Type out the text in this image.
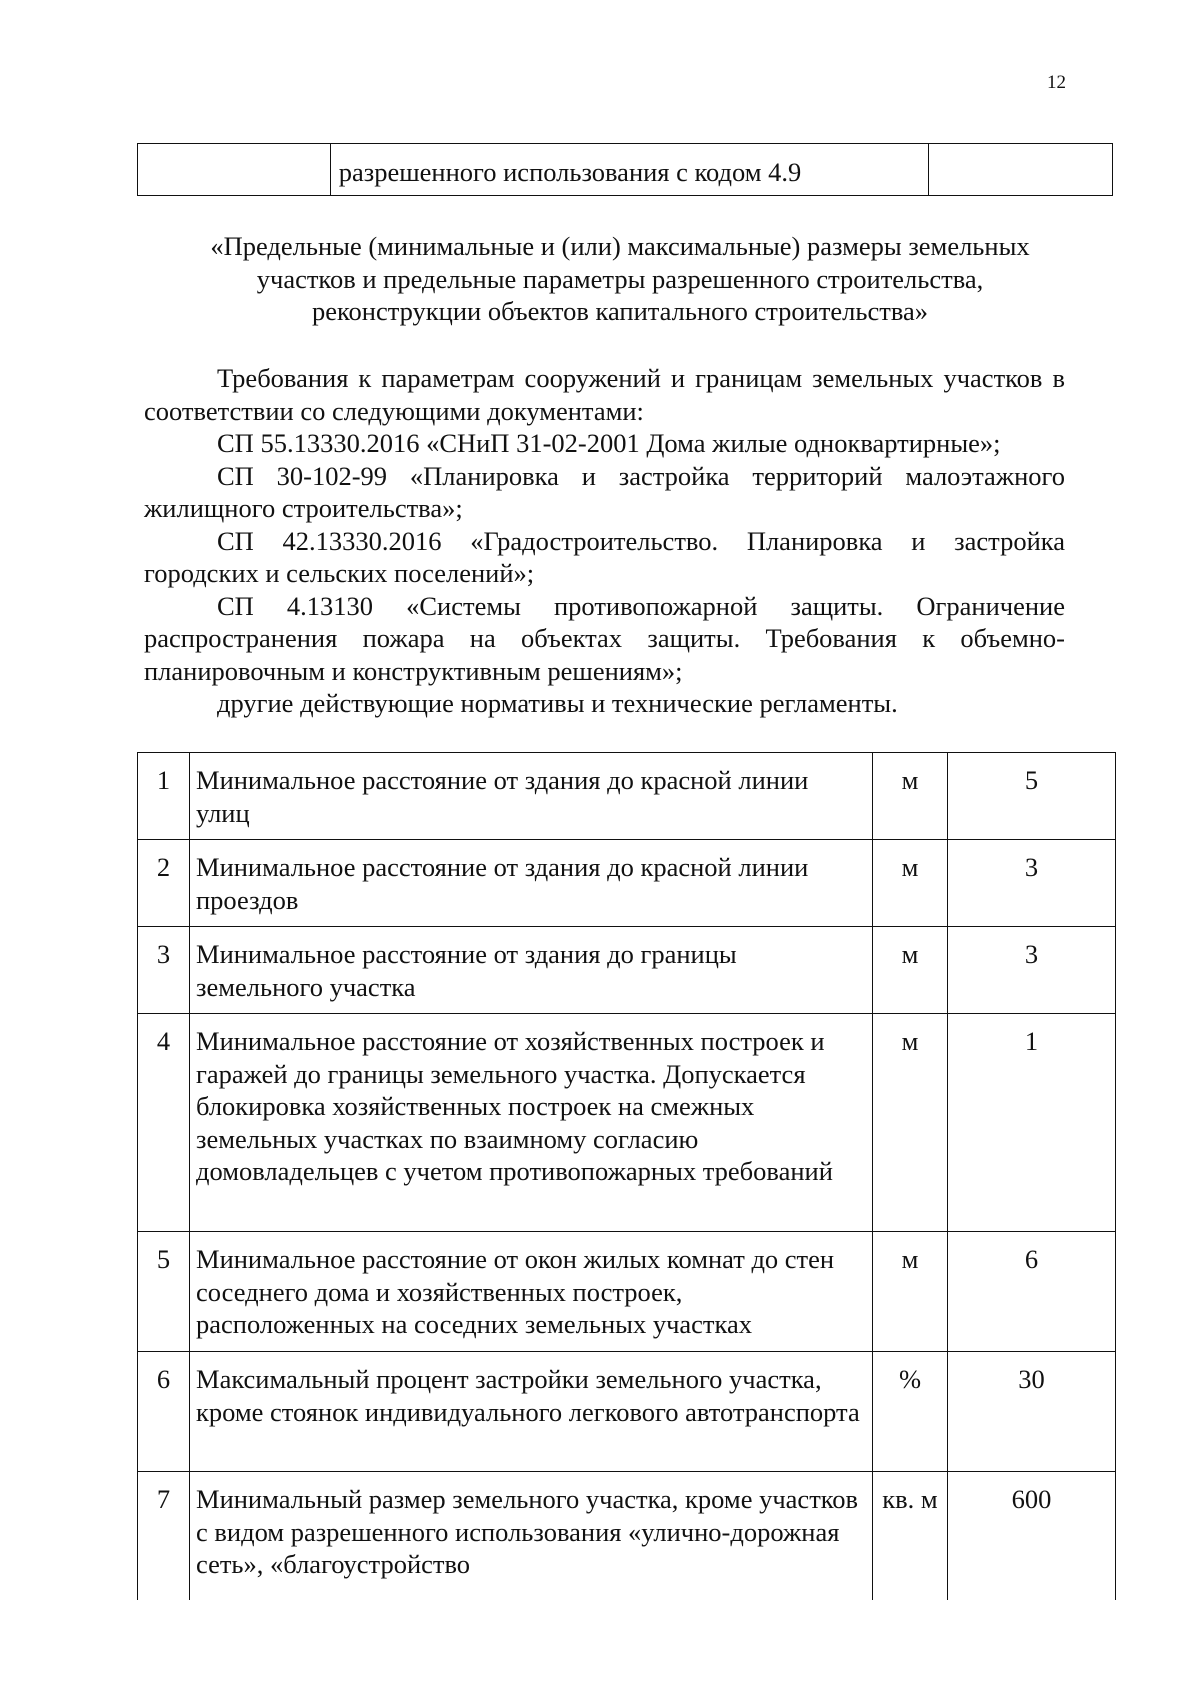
12
	разрешенного использования с кодом 4.9	
«Предельные (минимальные и (или) максимальные) размеры земельных
участков и предельные параметры разрешенного строительства,
реконструкции объектов капитального строительства»

Требования к параметрам сооружений и границам земельных участков в соответствии со следующими документами:

СП 55.13330.2016 «СНиП 31-02-2001 Дома жилые одноквартирные»;

СП 30-102-99 «Планировка и застройка территорий малоэтажного жилищного строительства»;

СП 42.13330.2016 «Градостроительство. Планировка и застройка городских и сельских поселений»;

СП 4.13130 «Системы противопожарной защиты. Ограничение распространения пожара на объектах защиты. Требования к объемно-планировочным и конструктивным решениям»;

другие действующие нормативы и технические регламенты.

1	Минимальное расстояние от здания до красной линии улиц	м	5
2	Минимальное расстояние от здания до красной линии проездов	м	3
3	Минимальное расстояние от здания до границы земельного участка	м	3
4	Минимальное расстояние от хозяйственных построек и гаражей до границы земельного участка. Допускается блокировка хозяйственных построек на смежных земельных участках по взаимному согласию домовладельцев с учетом противопожарных требований	м	1
5	Минимальное расстояние от окон жилых комнат до стен соседнего дома и хозяйственных построек, расположенных на соседних земельных участках	м	6
6	Максимальный процент застройки земельного участка, кроме стоянок индивидуального легкового автотранспорта	%	30
7	Минимальный размер земельного участка, кроме участков с видом разрешенного использования «улично-дорожная сеть», «благоустройство	кв. м	600
